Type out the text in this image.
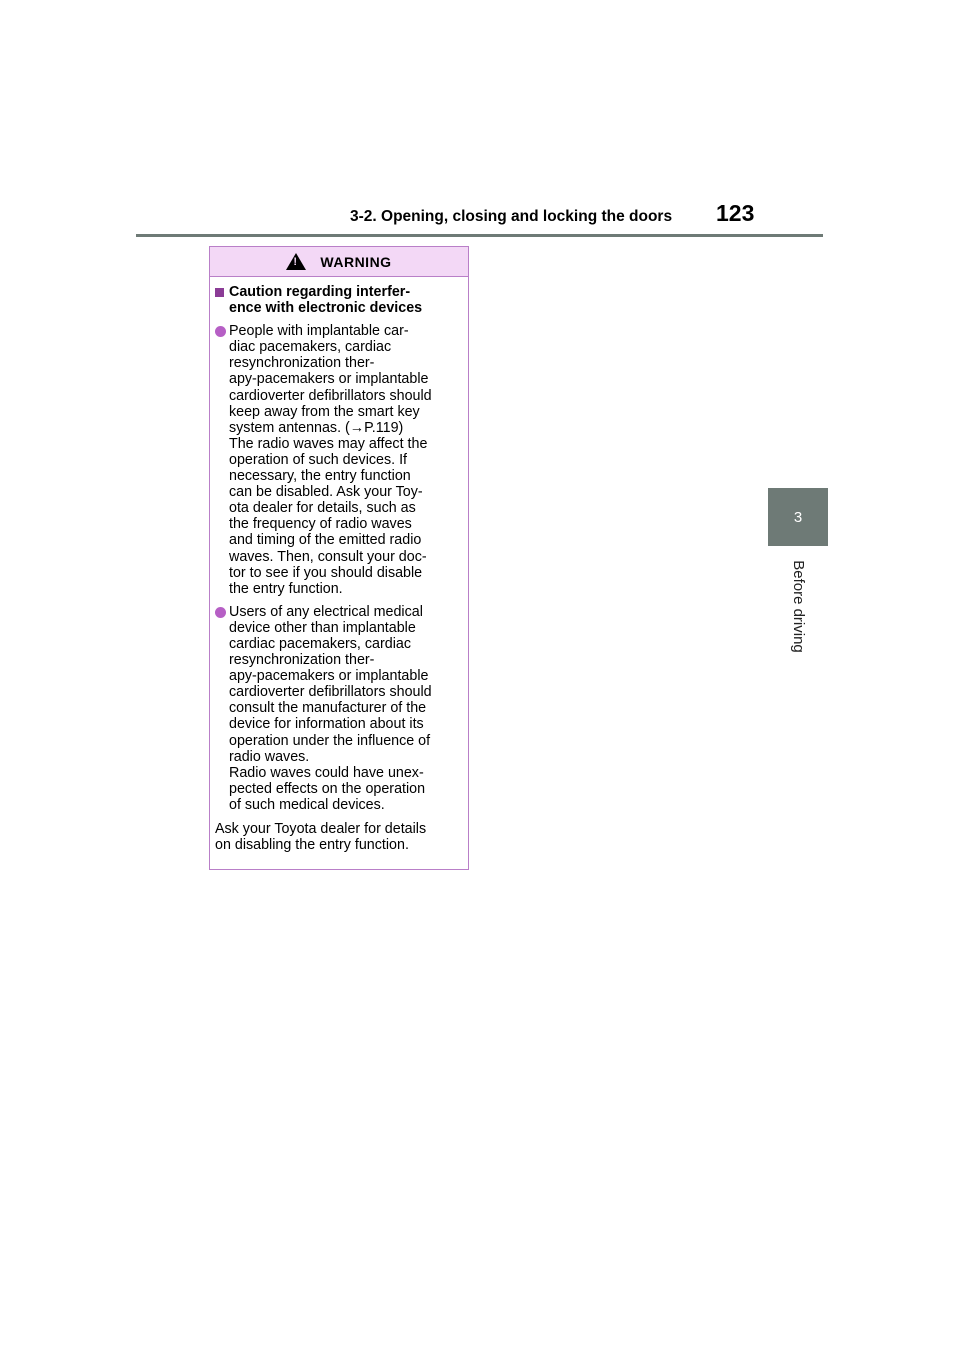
3-2. Opening, closing and locking the doors 123
3
Before driving
!
WARNING
Caution regarding interfer-
ence with electronic devices
People with implantable car-
diac pacemakers, cardiac
resynchronization ther-
apy-pacemakers or implantable
cardioverter defibrillators should
keep away from the smart key
system antennas. (→P.119)
The radio waves may affect the
operation of such devices. If
necessary, the entry function
can be disabled. Ask your Toy-
ota dealer for details, such as
the frequency of radio waves
and timing of the emitted radio
waves. Then, consult your doc-
tor to see if you should disable
the entry function.
Users of any electrical medical
device other than implantable
cardiac pacemakers, cardiac
resynchronization ther-
apy-pacemakers or implantable
cardioverter defibrillators should
consult the manufacturer of the
device for information about its
operation under the influence of
radio waves.
Radio waves could have unex-
pected effects on the operation
of such medical devices.
Ask your Toyota dealer for details
on disabling the entry function.
